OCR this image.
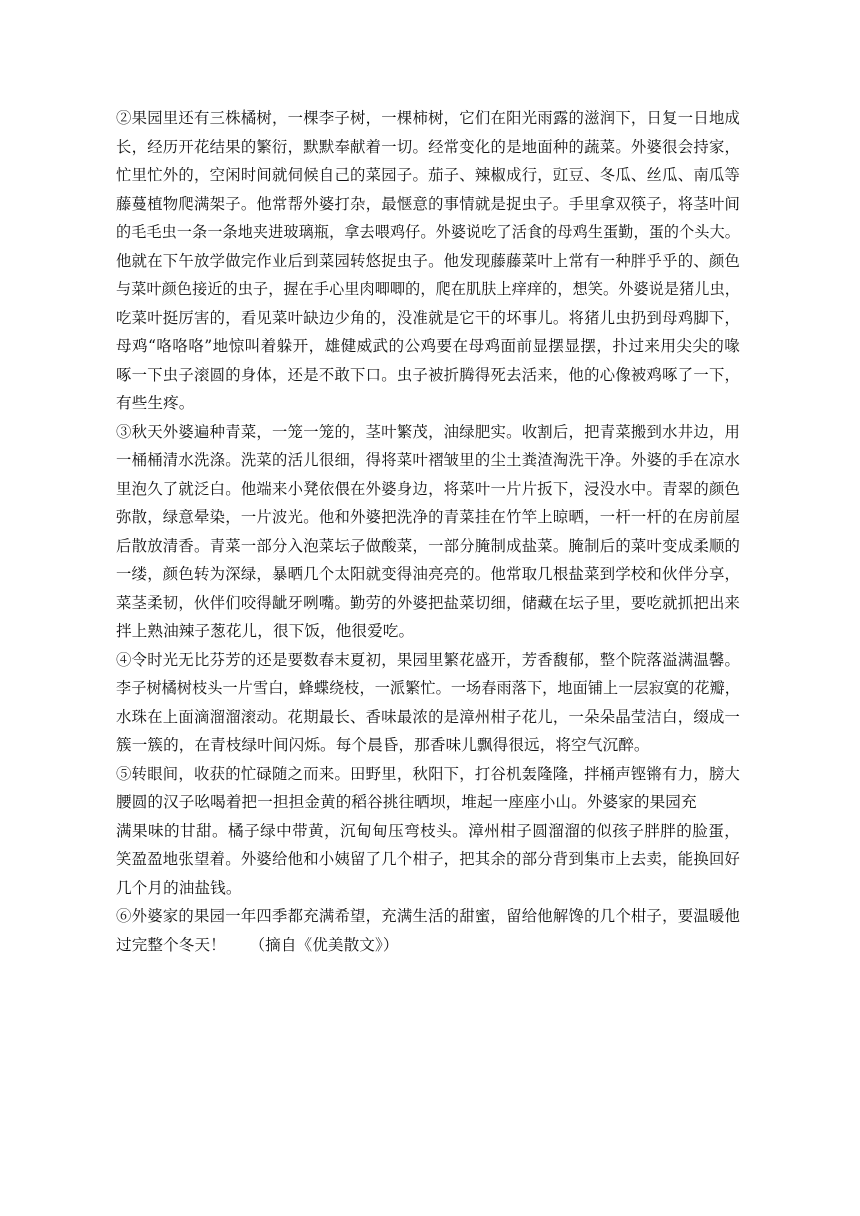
②果园里还有三株橘树，一棵李子树，一棵柿树，它们在阳光雨露的滋润下，日复一日地成
长，经历开花结果的繁衍，默默奉献着一切。经常变化的是地面种的蔬菜。外婆很会持家，
忙里忙外的，空闲时间就伺候自己的菜园子。茄子、辣椒成行，豇豆、冬瓜、丝瓜、南瓜等
藤蔓植物爬满架子。他常帮外婆打杂，最惬意的事情就是捉虫子。手里拿双筷子，将茎叶间
的毛毛虫一条一条地夹进玻璃瓶，拿去喂鸡仔。外婆说吃了活食的母鸡生蛋勤，蛋的个头大。
他就在下午放学做完作业后到菜园转悠捉虫子。他发现藤藤菜叶上常有一种胖乎乎的、颜色
与菜叶颜色接近的虫子，握在手心里肉唧唧的，爬在肌肤上痒痒的，想笑。外婆说是猪儿虫，
吃菜叶挺厉害的，看见菜叶缺边少角的，没准就是它干的坏事儿。将猪儿虫扔到母鸡脚下，
母鸡“咯咯咯”地惊叫着躲开，雄健威武的公鸡要在母鸡面前显摆显摆，扑过来用尖尖的喙
啄一下虫子滚圆的身体，还是不敢下口。虫子被折腾得死去活来，他的心像被鸡啄了一下，
有些生疼。
③秋天外婆遍种青菜，一笼一笼的，茎叶繁茂，油绿肥实。收割后，把青菜搬到水井边，用
一桶桶清水洗涤。洗菜的活儿很细，得将菜叶褶皱里的尘土粪渣淘洗干净。外婆的手在凉水
里泡久了就泛白。他端来小凳依偎在外婆身边，将菜叶一片片扳下，浸没水中。青翠的颜色
弥散，绿意晕染，一片波光。他和外婆把洗净的青菜挂在竹竿上晾晒，一杆一杆的在房前屋
后散放清香。青菜一部分入泡菜坛子做酸菜，一部分腌制成盐菜。腌制后的菜叶变成柔顺的
一缕，颜色转为深绿，暴晒几个太阳就变得油亮亮的。他常取几根盐菜到学校和伙伴分享，
菜茎柔韧，伙伴们咬得龇牙咧嘴。勤劳的外婆把盐菜切细，储藏在坛子里，要吃就抓把出来
拌上熟油辣子葱花儿，很下饭，他很爱吃。
④令时光无比芬芳的还是要数春末夏初，果园里繁花盛开，芳香馥郁，整个院落溢满温馨。
李子树橘树枝头一片雪白，蜂蝶绕枝，一派繁忙。一场春雨落下，地面铺上一层寂寞的花瓣，
水珠在上面滴溜溜滚动。花期最长、香味最浓的是漳州柑子花儿，一朵朵晶莹洁白，缀成一
簇一簇的，在青枝绿叶间闪烁。每个晨昏，那香味儿飘得很远，将空气沉醉。
⑤转眼间，收获的忙碌随之而来。田野里，秋阳下，打谷机轰隆隆，拌桶声铿锵有力，膀大
腰圆的汉子吆喝着把一担担金黄的稻谷挑往晒坝，堆起一座座小山。外婆家的果园充
满果味的甘甜。橘子绿中带黄，沉甸甸压弯枝头。漳州柑子圆溜溜的似孩子胖胖的脸蛋，
笑盈盈地张望着。外婆给他和小姨留了几个柑子，把其余的部分背到集市上去卖，能换回好
几个月的油盐钱。
⑥外婆家的果园一年四季都充满希望，充满生活的甜蜜，留给他解馋的几个柑子，要温暖他
过完整个冬天！　　（摘自《优美散文》）
